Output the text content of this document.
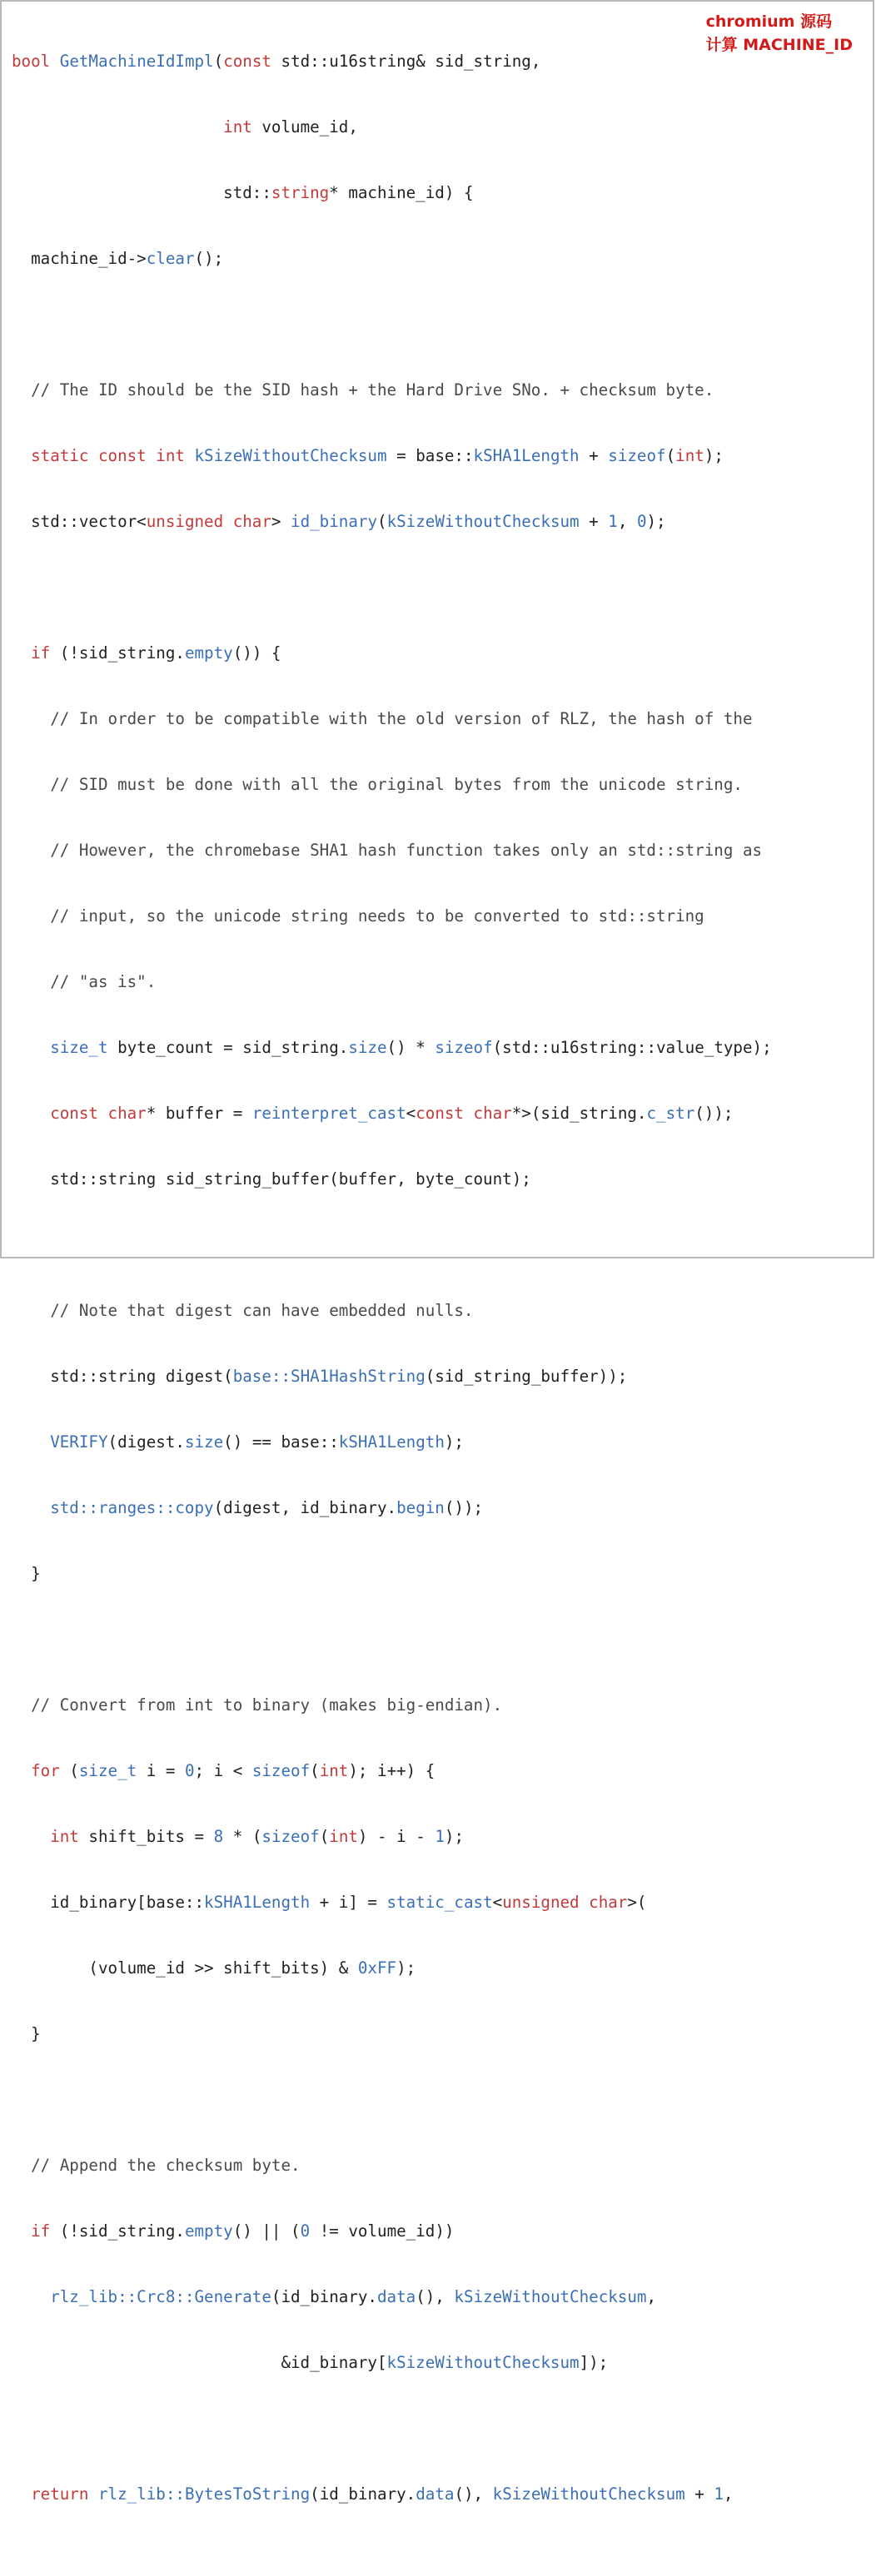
bool GetMachineIdImpl(const std::u16string& sid_string,

int volume_id,

std::string* machine_id) {

machine_id->clear();

// The ID should be the SID hash + the Hard Drive SNo. + checksum byte.

static const int kSizeWithoutChecksum = base::kSHA1Length + sizeof(int);

std::vector<unsigned char> id_binary(kSizeWithoutChecksum + 1, 0);

if (!sid_string.empty()) {

// In order to be compatible with the old version of RLZ, the hash of the

// SID must be done with all the original bytes from the unicode string.

// However, the chromebase SHA1 hash function takes only an std::string as

// input, so the unicode string needs to be converted to std::string

// "as is".

size_t byte_count = sid_string.size() * sizeof(std::u16string::value_type);

const char* buffer = reinterpret_cast<const char*>(sid_string.c_str());

std::string sid_string_buffer(buffer, byte_count);

// Note that digest can have embedded nulls.

std::string digest(base::SHA1HashString(sid_string_buffer));

VERIFY(digest.size() == base::kSHA1Length);

std::ranges::copy(digest, id_binary.begin());

}

// Convert from int to binary (makes big-endian).

for (size_t i = 0; i < sizeof(int); i++) {

int shift_bits = 8 * (sizeof(int) - i - 1);

id_binary[base::kSHA1Length + i] = static_cast<unsigned char>(

(volume_id >> shift_bits) & 0xFF);

}

// Append the checksum byte.

if (!sid_string.empty() || (0 != volume_id))

rlz_lib::Crc8::Generate(id_binary.data(), kSizeWithoutChecksum,

&id_binary[kSizeWithoutChecksum]);

return rlz_lib::BytesToString(id_binary.data(), kSizeWithoutChecksum + 1,

chromium 源码
计算 MACHINE_ID
